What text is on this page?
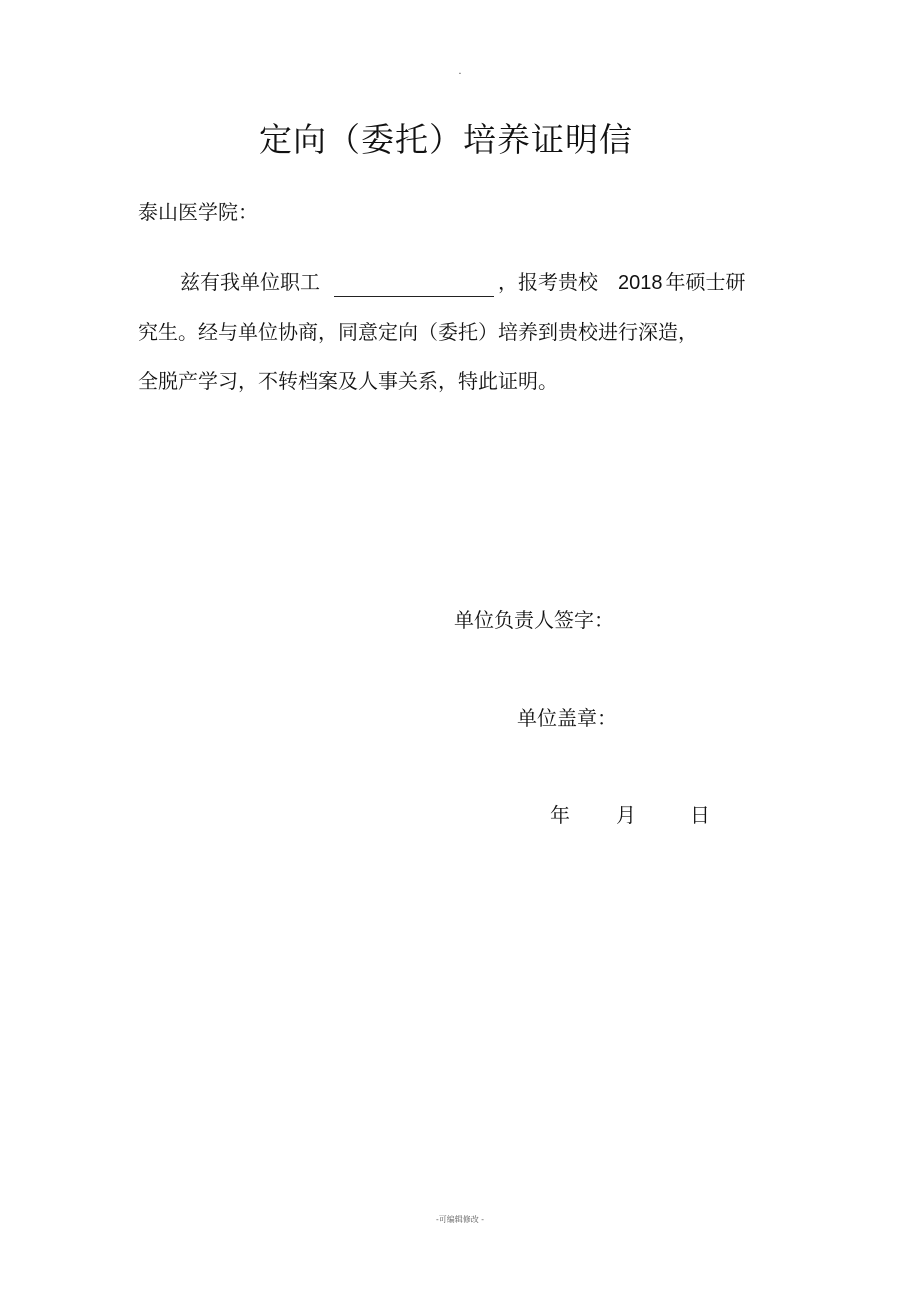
.
定向（委托）培养证明信
泰山医学院：
兹有我单位职工	，报考贵校 2018 年硕士研
究生。经与单位协商，同意定向（委托）培养到贵校进行深造，
全脱产学习，不转档案及人事关系，特此证明。
单位负责人签字：
单位盖章：
年 月	日
-可编辑修改 -
